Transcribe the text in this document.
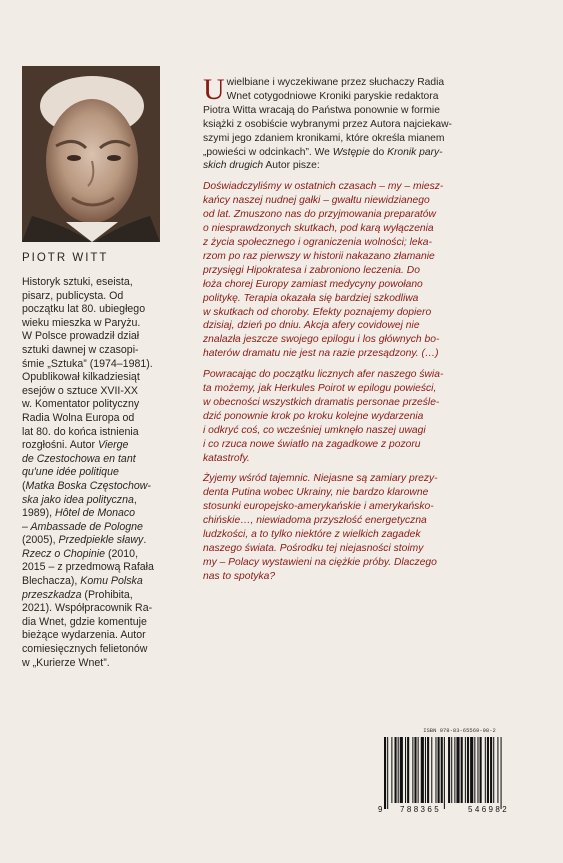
PIOTR WITT
Historyk sztuki, eseista,
pisarz, publicysta. Od
początku lat 80. ubiegłego
wieku mieszka w Paryżu.
W Polsce prowadził dział
sztuki dawnej w czasopi-
śmie „Sztuka” (1974–1981).
Opublikował kilkadziesiąt
esejów o sztuce XVII-XX
w. Komentator polityczny
Radia Wolna Europa od
lat 80. do końca istnienia
rozgłośni. Autor Vierge
de Czestochowa en tant
qu'une idée politique
(Matka Boska Częstochow-
ska jako idea polityczna,
1989), Hôtel de Monaco
– Ambassade de Pologne
(2005), Przedpiekle sławy.
Rzecz o Chopinie (2010,
2015 – z przedmową Rafała
Blechacza), Komu Polska
przeszkadza (Prohibita,
2021). Współpracownik Ra-
dia Wnet, gdzie komentuje
bieżące wydarzenia. Autor
comiesięcznych felietonów
w „Kurierze Wnet”.
U wielbiane i wyczekiwane przez słuchaczy Radia
Wnet cotygodniowe Kroniki paryskie redaktora
Piotra Witta wracają do Państwa ponownie w formie
książki z osobiście wybranymi przez Autora najciekaw-
szymi jego zdaniem kronikami, które określa mianem
„powieści w odcinkach”. We Wstępie do Kronik pary-
skich drugich Autor pisze:
Doświadczyliśmy w ostatnich czasach – my – miesz-
kańcy naszej nudnej gałki – gwałtu niewidzianego
od lat. Zmuszono nas do przyjmowania preparatów
o niesprawdzonych skutkach, pod karą wyłączenia
z życia społecznego i ograniczenia wolności; leka-
rzom po raz pierwszy w historii nakazano złamanie
przysięgi Hipokratesa i zabroniono leczenia. Do
łoża chorej Europy zamiast medycyny powołano
politykę. Terapia okazała się bardziej szkodliwa
w skutkach od choroby. Efekty poznajemy dopiero
dzisiaj, dzień po dniu. Akcja afery covidowej nie
znalazła jeszcze swojego epilogu i los głównych bo-
haterów dramatu nie jest na razie przesądzony. (…)
Powracając do początku licznych afer naszego świa-
ta możemy, jak Herkules Poirot w epilogu powieści,
w obecności wszystkich dramatis personae prześle-
dzić ponownie krok po kroku kolejne wydarzenia
i odkryć coś, co wcześniej umknęło naszej uwagi
i co rzuca nowe światło na zagadkowe z pozoru
katastrofy.
Żyjemy wśród tajemnic. Niejasne są zamiary prezy-
denta Putina wobec Ukrainy, nie bardzo klarowne
stosunki europejsko-amerykańskie i amerykańsko-
chińskie…, niewiadoma przyszłość energetyczna
ludzkości, a to tylko niektóre z wielkich zagadek
naszego świata. Pośrodku tej niejasności stoimy
my – Polacy wystawieni na ciężkie próby. Dlaczego
nas to spotyka?
ISBN 978-83-65569-98-2
9 788365	546982
